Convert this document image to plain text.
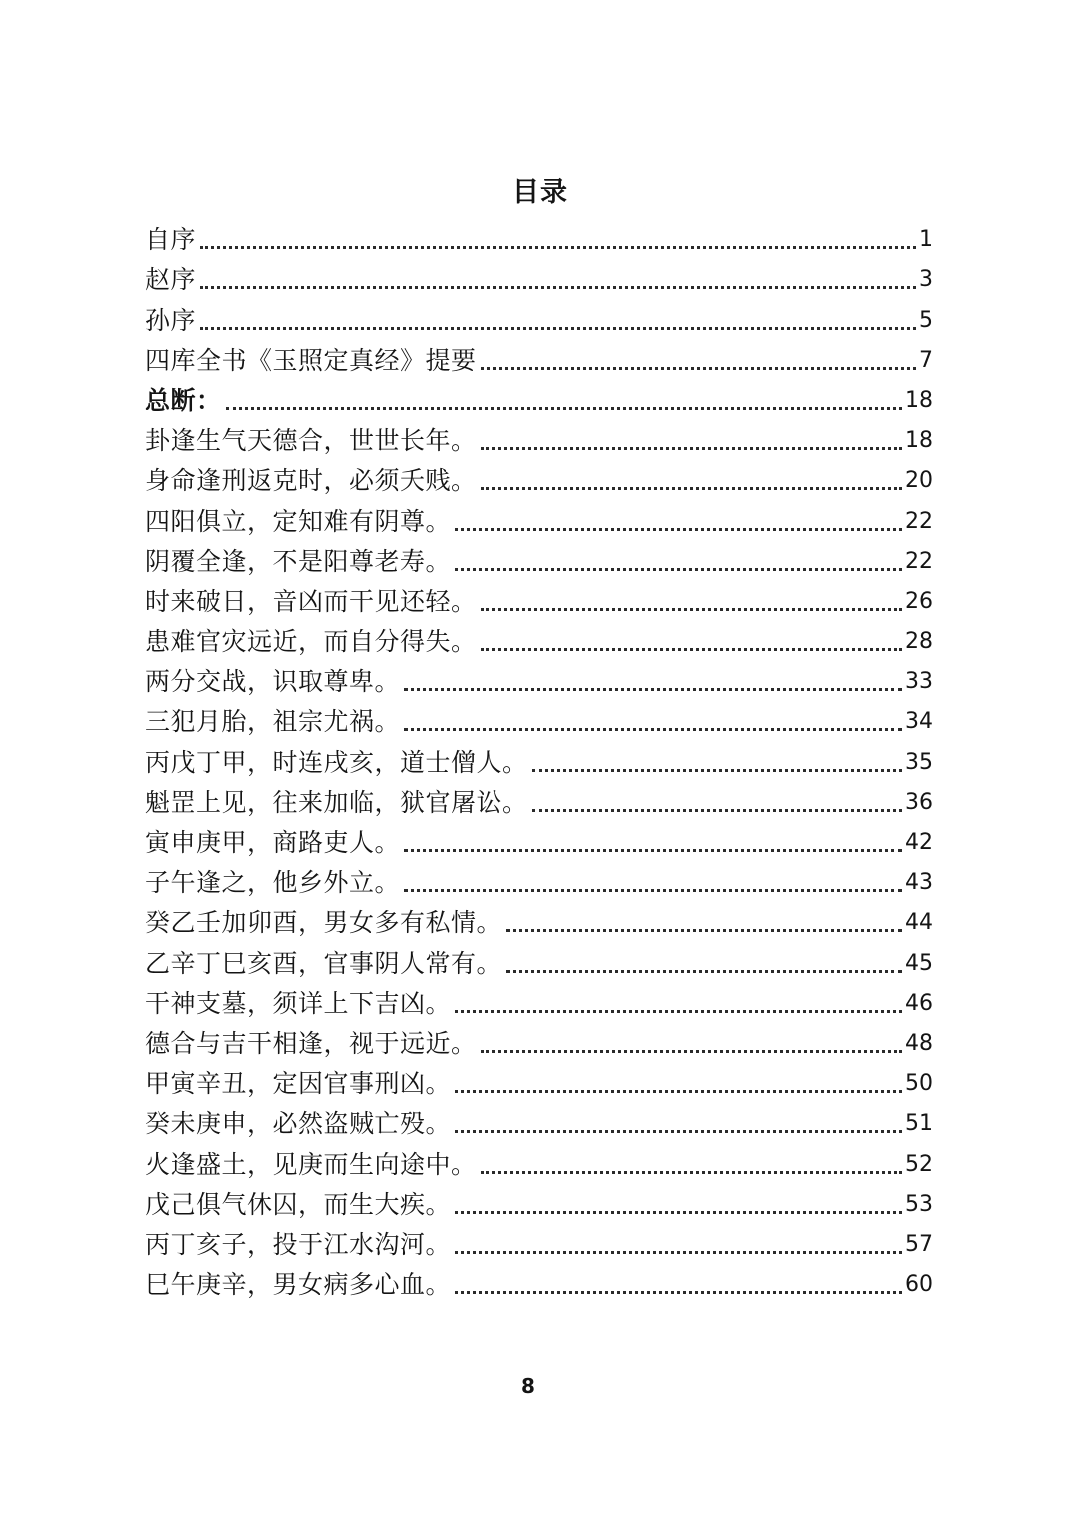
目录
自序	1
赵序	3
孙序	5
四库全书《玉照定真经》提要	7
总断：	18
卦逢生气天德合，世世长年。	18
身命逢刑返克时，必须夭贱。	20
四阳俱立，定知难有阴尊。	22
阴覆全逢，不是阳尊老寿。	22
时来破日，音凶而干见还轻。	26
患难官灾远近，而自分得失。	28
两分交战，识取尊卑。	33
三犯月胎，祖宗尤祸。	34
丙戊丁甲，时连戌亥，道士僧人。	35
魁罡上见，往来加临，狱官屠讼。	36
寅申庚甲，商路吏人。	42
子午逢之，他乡外立。	43
癸乙壬加卯酉，男女多有私情。	44
乙辛丁巳亥酉，官事阴人常有。	45
干神支墓，须详上下吉凶。	46
德合与吉干相逢，视于远近。	48
甲寅辛丑，定因官事刑凶。	50
癸未庚申，必然盗贼亡殁。	51
火逢盛土，见庚而生向途中。	52
戊己俱气休囚，而生大疾。	53
丙丁亥子，投于江水沟河。	57
巳午庚辛，男女病多心血。	60
8
